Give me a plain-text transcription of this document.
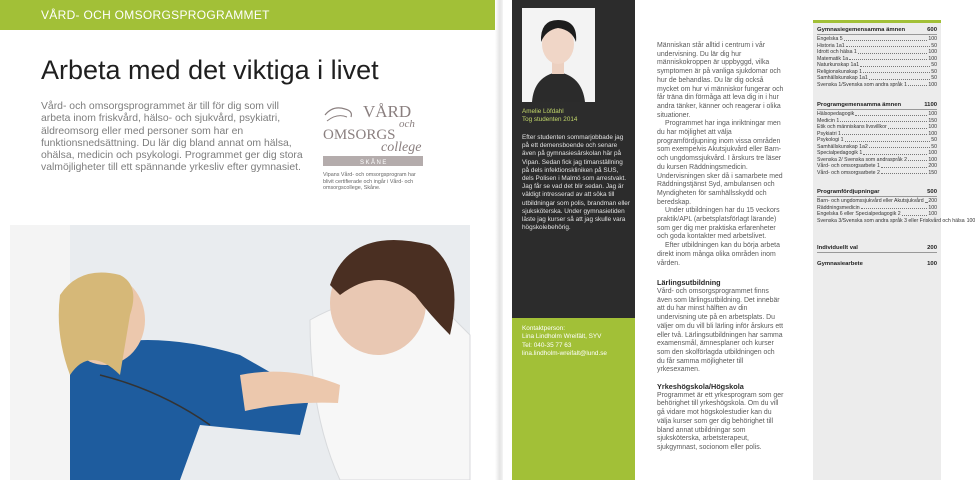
VÅRD- OCH OMSORGSPROGRAMMET
Arbeta med det viktiga i livet
Vård- och omsorgsprogrammet är till för dig som vill arbeta inom friskvård, hälso- och sjukvård, psykiatri, äldreomsorg eller med personer som har en funktionsnedsättning. Du lär dig bland annat om hälsa, ohälsa, medicin och psykologi. Programmet ger dig stora valmöjligheter till ett spännande yrkesliv efter gymnasiet.
VÅRD
och
OMSORGS
college
SKÅNE
Vipans Vård- och omsorgsprogram har blivit certifierade och ingår i Vård- och omsorgscollege, Skåne.
Amelie Löfdahl
Tog studenten 2014
Efter studenten sommarjobbade jag på ett demensboende och senare även på gymnasiesärskolan här på Vipan. Sedan fick jag timanställning på dels infektionskliniken på SUS, dels Polisen i Malmö som arrestvakt. Jag får se vad det blir sedan. Jag är väldigt intresserad av att söka till utbildningar som polis, brandman eller sjuksköterska. Under gymnasietiden läste jag kurser så att jag skulle vara högskolebehörig.
Kontaktperson:
Lina Lindholm Wreifält, SYV
Tel: 040-35 77 63
lina.lindholm-wreifalt@lund.se

Människan står alltid i centrum i vår undervisning. Du lär dig hur människokroppen är uppbyggd, vilka symptomen är på vanliga sjukdomar och hur de behandlas. Du lär dig också mycket om hur vi människor fungerar och får träna din förmåga att leva dig in i hur andra tänker, känner och reagerar i olika situationer.

Programmet har inga inriktningar men du har möjlighet att välja programfördjupning inom vissa områden som exempelvis Akutsjukvård eller Barn- och ungdomssjukvård. I årskurs tre läser du kursen Räddningsmedicin. Undervisningen sker då i samarbete med Räddningstjänst Syd, ambulansen och Myndigheten för samhällsskydd och beredskap.

Under utbildningen har du 15 veckors praktik/APL (arbetsplatsförlagt lärande) som ger dig mer praktiska erfarenheter och goda kontakter med arbetslivet.

Efter utbildningen kan du börja arbeta direkt inom många olika områden inom vården.

Lärlingsutbildning

Vård- och omsorgsprogrammet finns även som lärlingsutbildning. Det innebär att du har minst hälften av din undervisning ute på en arbetsplats. Du väljer om du vill bli lärling inför årskurs ett eller två. Lärlingsutbildningen har samma examensmål, ämnesplaner och kurser som den skolförlagda utbildningen och du får samma möjligheter till yrkesexamen.

Yrkeshögskola/Högskola

Programmet är ett yrkesprogram som ger behörighet till yrkeshögskola. Om du vill gå vidare mot högskolestudier kan du välja kurser som ger dig behörighet till bland annat utbildningar som sjuksköterska, arbetsterapeut, sjukgymnast, socionom eller polis.

Gymnasiegemensamma ämnen	600
Engelska 5	100
Historia 1a1	50
Idrott och hälsa 1	100
Matematik 1a	100
Naturkunskap 1a1	50
Religionskunskap 1	50
Samhällskunskap 1a1	50
Svenska 1/Svenska som andra språk 1	100
Programgemensamma ämnen	1100
Hälsopedagogik	100
Medicin 1	150
Etik och människans livsvillkor	100
Psykiatri 1	100
Psykologi 1	50
Samhällskunskap 1a2	50
Specialpedagogik 1	100
Svenska 2/ Svenska som andraspråk 2	100
Vård- och omsorgsarbete 1	200
Vård- och omsorgsarbete 2	150
Programfördjupningar	500
Barn- och ungdomssjukvård eller Akutsjukvård 200
Räddningsmedicin	100
Engelska 6 eller Specialpedagogik 2	100
Svenska 3/Svenska som andra språk 3 eller Friskvård och hälsa 100
Individuellt val	200
Gymnasiearbete	100
